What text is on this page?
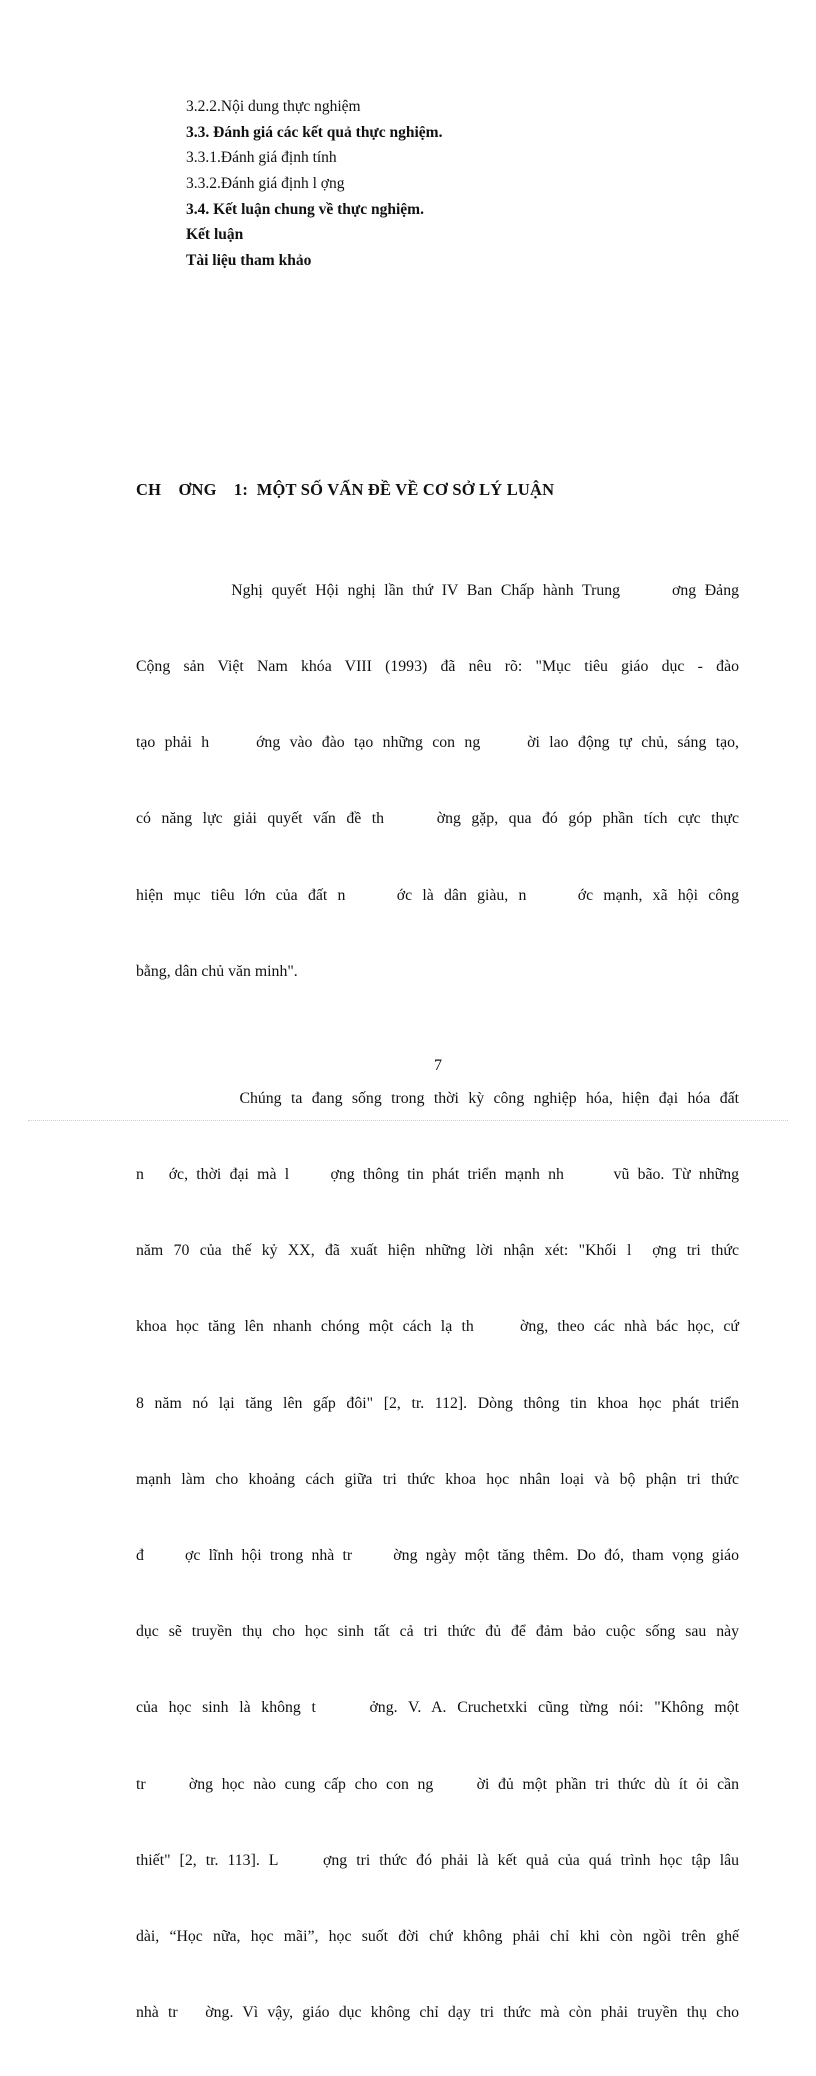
3.2.2.Nội dung thực nghiệm
3.3. Đánh giá các kết quả thực nghiệm.
3.3.1.Đánh giá định tính
3.3.2.Đánh giá định l ợng
3.4. Kết luận chung về thực nghiệm.
Kết luận
Tài liệu tham khảo
CH    ƠNG    1:  MỘT SỐ VẤN ĐỀ VỀ CƠ SỞ LÝ LUẬN

Nghị quyết Hội nghị lần thứ IV Ban Chấp hành Trung      ơng Đảng

Cộng sản Việt Nam khóa VIII (1993) đã nêu rõ: "Mục tiêu giáo dục - đào

tạo phải h     ớng vào đào tạo những con ng     ời lao động tự chủ, sáng tạo,

có năng lực giải quyết vấn đề th     ờng gặp, qua đó góp phần tích cực thực

hiện mục tiêu lớn của đất n     ớc là dân giàu, n     ớc mạnh, xã hội công

bằng, dân chủ văn minh".

Chúng ta đang sống trong thời kỳ công nghiệp hóa, hiện đại hóa đất

n   ớc, thời đại mà l     ợng thông tin phát triển mạnh nh      vũ bão. Từ những

năm 70 của thế kỷ XX, đã xuất hiện những lời nhận xét: "Khối l  ợng tri thức

khoa học tăng lên nhanh chóng một cách lạ th     ờng, theo các nhà bác học, cứ

8 năm nó lại tăng lên gấp đôi" [2, tr. 112]. Dòng thông tin khoa học phát triển

mạnh làm cho khoảng cách giữa tri thức khoa học nhân loại và bộ phận tri thức

đ     ợc lĩnh hội trong nhà tr     ờng ngày một tăng thêm. Do đó, tham vọng giáo

dục sẽ truyền thụ cho học sinh tất cả tri thức đủ để đảm bảo cuộc sống sau này

của học sinh là không t     ởng. V. A. Cruchetxki cũng từng nói: "Không một

tr     ờng học nào cung cấp cho con ng     ời đủ một phần tri thức dù ít ỏi cần

thiết" [2, tr. 113]. L     ợng tri thức đó phải là kết quả của quá trình học tập lâu

dài, “Học nữa, học mãi”, học suốt đời chứ không phải chỉ khi còn ngồi trên ghế

nhà tr   ờng. Vì vậy, giáo dục không chỉ dạy tri thức mà còn phải truyền thụ cho

7
